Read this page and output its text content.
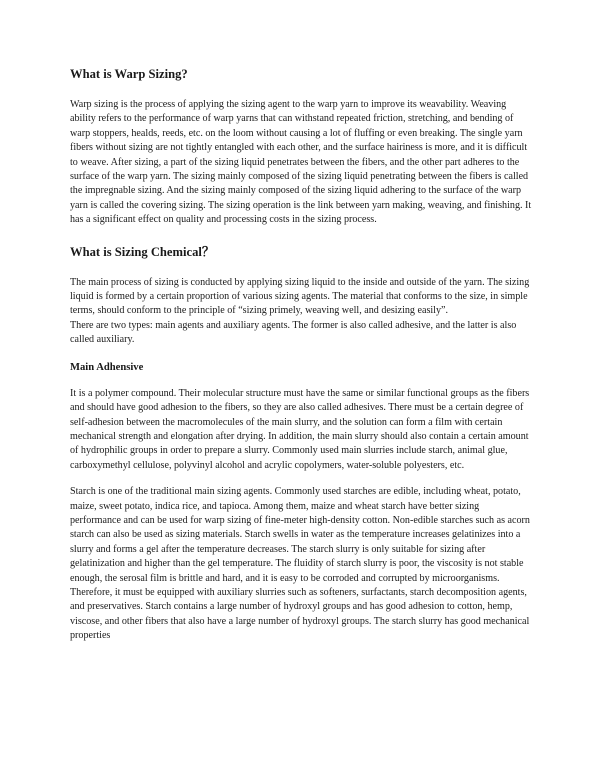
What is Warp Sizing?

Warp sizing is the process of applying the sizing agent to the warp yarn to improve its weavability. Weaving ability refers to the performance of warp yarns that can withstand repeated friction, stretching, and bending of warp stoppers, healds, reeds, etc. on the loom without causing a lot of fluffing or even breaking. The single yarn fibers without sizing are not tightly entangled with each other, and the surface hairiness is more, and it is difficult to weave. After sizing, a part of the sizing liquid penetrates between the fibers, and the other part adheres to the surface of the warp yarn. The sizing mainly composed of the sizing liquid penetrating between the fibers is called the impregnable sizing. And the sizing mainly composed of the sizing liquid adhering to the surface of the warp yarn is called the covering sizing. The sizing operation is the link between yarn making, weaving, and finishing. It has a significant effect on quality and processing costs in the sizing process.

What is Sizing Chemical？

The main process of sizing is conducted by applying sizing liquid to the inside and outside of the yarn. The sizing liquid is formed by a certain proportion of various sizing agents. The material that conforms to the size, in simple terms, should conform to the principle of “sizing primely, weaving well, and desizing easily”.

There are two types: main agents and auxiliary agents. The former is also called adhesive, and the latter is also called auxiliary.

Main Adhensive

It is a polymer compound. Their molecular structure must have the same or similar functional groups as the fibers and should have good adhesion to the fibers, so they are also called adhesives. There must be a certain degree of self-adhesion between the macromolecules of the main slurry, and the solution can form a film with certain mechanical strength and elongation after drying. In addition, the main slurry should also contain a certain amount of hydrophilic groups in order to prepare a slurry. Commonly used main slurries include starch, animal glue, carboxymethyl cellulose, polyvinyl alcohol and acrylic copolymers, water-soluble polyesters, etc.

Starch is one of the traditional main sizing agents. Commonly used starches are edible, including wheat, potato, maize, sweet potato, indica rice, and tapioca. Among them, maize and wheat starch have better sizing performance and can be used for warp sizing of fine-meter high-density cotton. Non-edible starches such as acorn starch can also be used as sizing materials. Starch swells in water as the temperature increases gelatinizes into a slurry and forms a gel after the temperature decreases. The starch slurry is only suitable for sizing after gelatinization and higher than the gel temperature. The fluidity of starch slurry is poor, the viscosity is not stable enough, the serosal film is brittle and hard, and it is easy to be corroded and corrupted by microorganisms. Therefore, it must be equipped with auxiliary slurries such as softeners, surfactants, starch decomposition agents, and preservatives. Starch contains a large number of hydroxyl groups and has good adhesion to cotton, hemp, viscose, and other fibers that also have a large number of hydroxyl groups. The starch slurry has good mechanical properties
